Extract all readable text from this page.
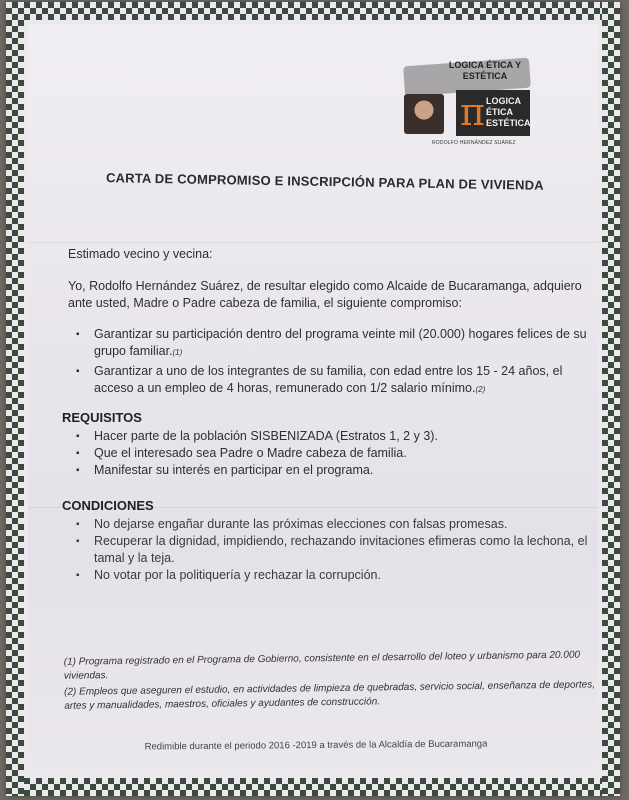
LOGICA ÉTICA Y ESTÉTICA
π LOGICA
ÉTICA
ESTÉTICA
RODOLFO HERNÁNDEZ SUÁREZ
CARTA DE COMPROMISO E INSCRIPCIÓN PARA PLAN DE VIVIENDA
Estimado vecino y vecina:
Yo, Rodolfo Hernández Suárez, de resultar elegido como Alcaide de Bucaramanga, adquiero ante usted, Madre o Padre cabeza de familia, el siguiente compromiso:
▪ Garantizar su participación dentro del programa veinte mil (20.000) hogares felices de su grupo familiar.(1)
▪ Garantizar a uno de los integrantes de su familia, con edad entre los 15 - 24 años, el acceso a un empleo de 4 horas, remunerado con 1/2 salario mínimo.(2)
REQUISITOS
▪ Hacer parte de la población SISBENIZADA (Estratos 1, 2 y 3).
▪ Que el interesado sea Padre o Madre cabeza de familia.
▪ Manifestar su interés en participar en el programa.
CONDICIONES
▪ No dejarse engañar durante las próximas elecciones con falsas promesas.
▪ Recuperar la dignidad, impidiendo, rechazando invitaciones efimeras como la lechona, el tamal y la teja.
▪ No votar por la politiquería y rechazar la corrupción.
(1) Programa registrado en el Programa de Gobierno, consistente en el desarrollo del loteo y urbanismo para 20.000 viviendas.
(2) Empleos que aseguren el estudio, en actividades de limpieza de quebradas, servicio social, enseñanza de deportes, artes y manualidades, maestros, oficiales y ayudantes de construcción.
Redimible durante el periodo 2016 -2019 a través de la Alcaldía de Bucaramanga
